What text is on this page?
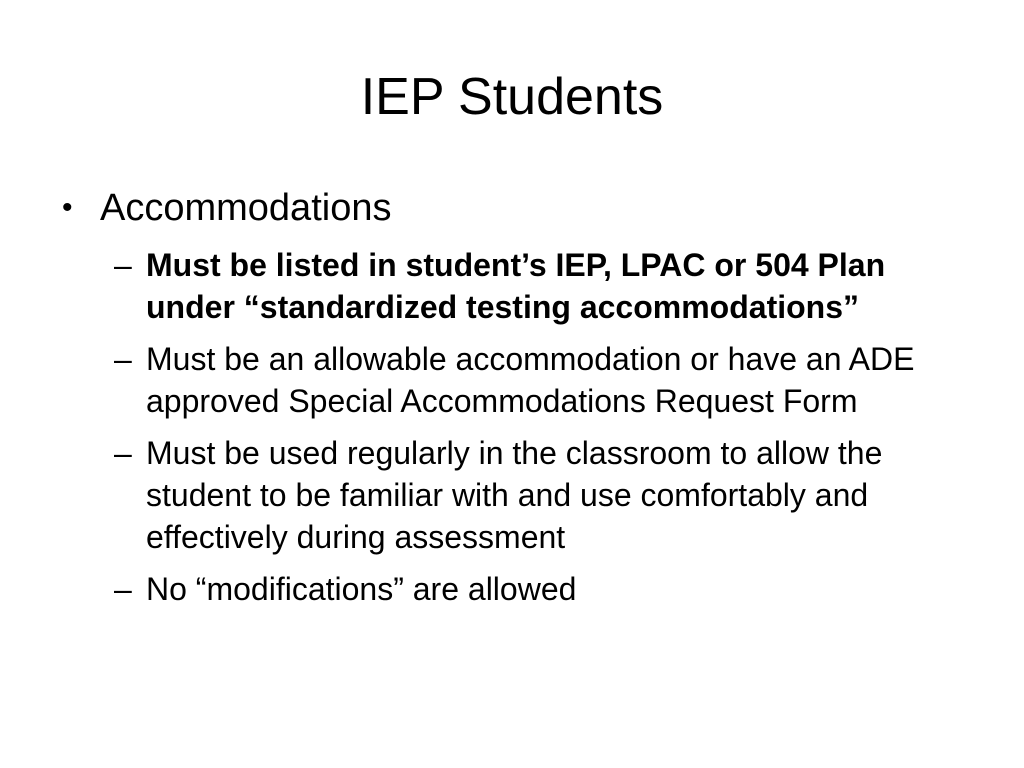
IEP Students
• Accommodations
– Must be listed in student’s IEP, LPAC or 504 Plan under “standardized testing accommodations”
– Must be an allowable accommodation or have an ADE approved Special Accommodations Request Form
– Must be used regularly in the classroom to allow the student to be familiar with and use comfortably and effectively during assessment
– No “modifications” are allowed
